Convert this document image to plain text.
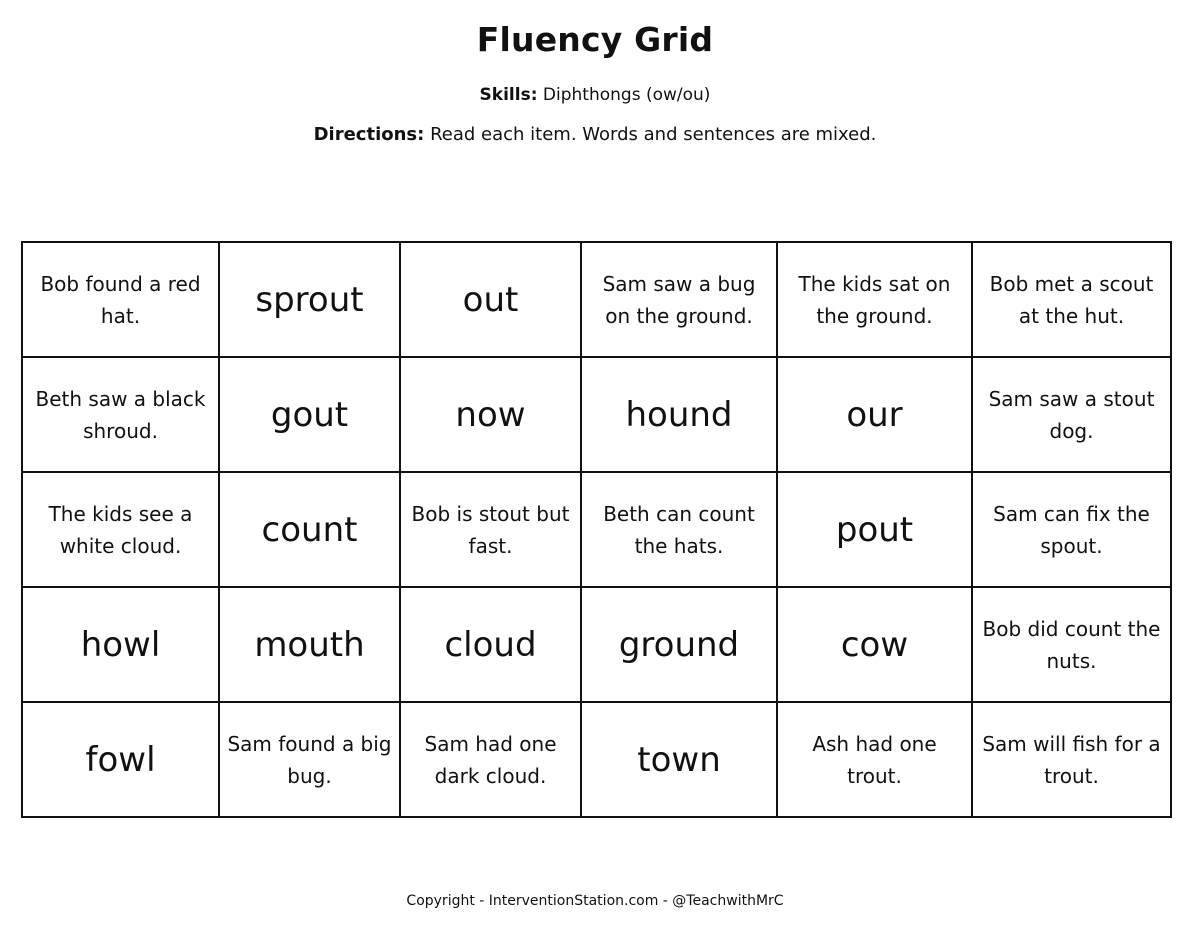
Fluency Grid
Skills: Diphthongs (ow/ou)
Directions: Read each item. Words and sentences are mixed.
Bob found a red hat.	sprout	out	Sam saw a bug on the ground.	The kids sat on the ground.	Bob met a scout at the hut.
Beth saw a black shroud.	gout	now	hound	our	Sam saw a stout dog.
The kids see a white cloud.	count	Bob is stout but fast.	Beth can count the hats.	pout	Sam can fix the spout.
howl	mouth	cloud	ground	cow	Bob did count the nuts.
fowl	Sam found a big bug.	Sam had one dark cloud.	town	Ash had one trout.	Sam will fish for a trout.
Copyright - InterventionStation.com - @TeachwithMrC
